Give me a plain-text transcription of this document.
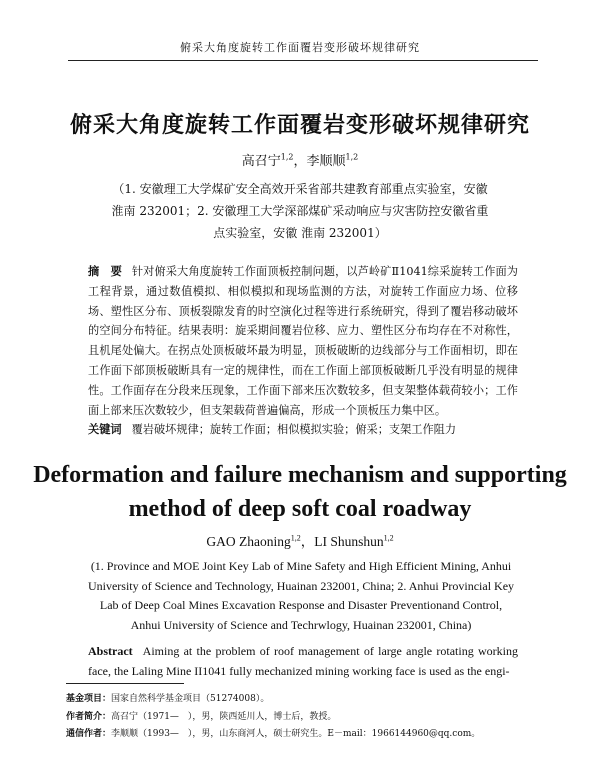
俯采大角度旋转工作面覆岩变形破坏规律研究
俯采大角度旋转工作面覆岩变形破坏规律研究
高召宁$^{1,2}$，李顺顺$^{1,2}$
（1. 安徽理工大学煤矿安全高效开采省部共建教育部重点实验室，安徽 淮南 232001；2. 安徽理工大学深部煤矿采动响应与灾害防控安徽省重点实验室，安徽 淮南 232001）
摘　要 针对俯采大角度旋转工作面顶板控制问题，以芦岭矿Ⅱ1041综采旋转工作面为工程背景，通过数值模拟、相似模拟和现场监测的方法，对旋转工作面应力场、位移场、塑性区分布、顶板裂隙发育的时空演化过程等进行系统研究，得到了覆岩移动破坏的空间分布特征。结果表明：旋采期间覆岩位移、应力、塑性区分布均存在不对称性，且机尾处偏大。在拐点处顶板破坏最为明显，顶板破断的边线部分与工作面相切，即在工作面下部顶板破断具有一定的规律性，而在工作面上部顶板破断几乎没有明显的规律性。工作面存在分段来压现象，工作面下部来压次数较多，但支架整体载荷较小；工作面上部来压次数较少，但支架载荷普遍偏高，形成一个顶板压力集中区。
关键词 覆岩破坏规律；旋转工作面；相似模拟实验；俯采；支架工作阻力
Deformation and failure mechanism and supporting method of deep soft coal roadway
GAO Zhaoning$^{1,2}$，LI Shunshun$^{1,2}$
(1. Province and MOE Joint Key Lab of Mine Safety and High Efficient Mining, Anhui University of Science and Technology, Huainan 232001, China; 2. Anhui Provincial Key Lab of Deep Coal Mines Excavation Response and Disaster Preventionand Control, Anhui University of Science and Techrwlogy, Huainan 232001, China)
Abstract Aiming at the problem of roof management of large angle rotating working face, the Laling Mine II1041 fully mechanized mining working face is used as the engi-
基金项目：国家自然科学基金项目（51274008）。
作者简介：高召宁（1971—　），男，陕西延川人，博士后，教授。
通信作者：李顺顺（1993—　），男，山东商河人，硕士研究生。E－mail：1966144960@qq.com。
